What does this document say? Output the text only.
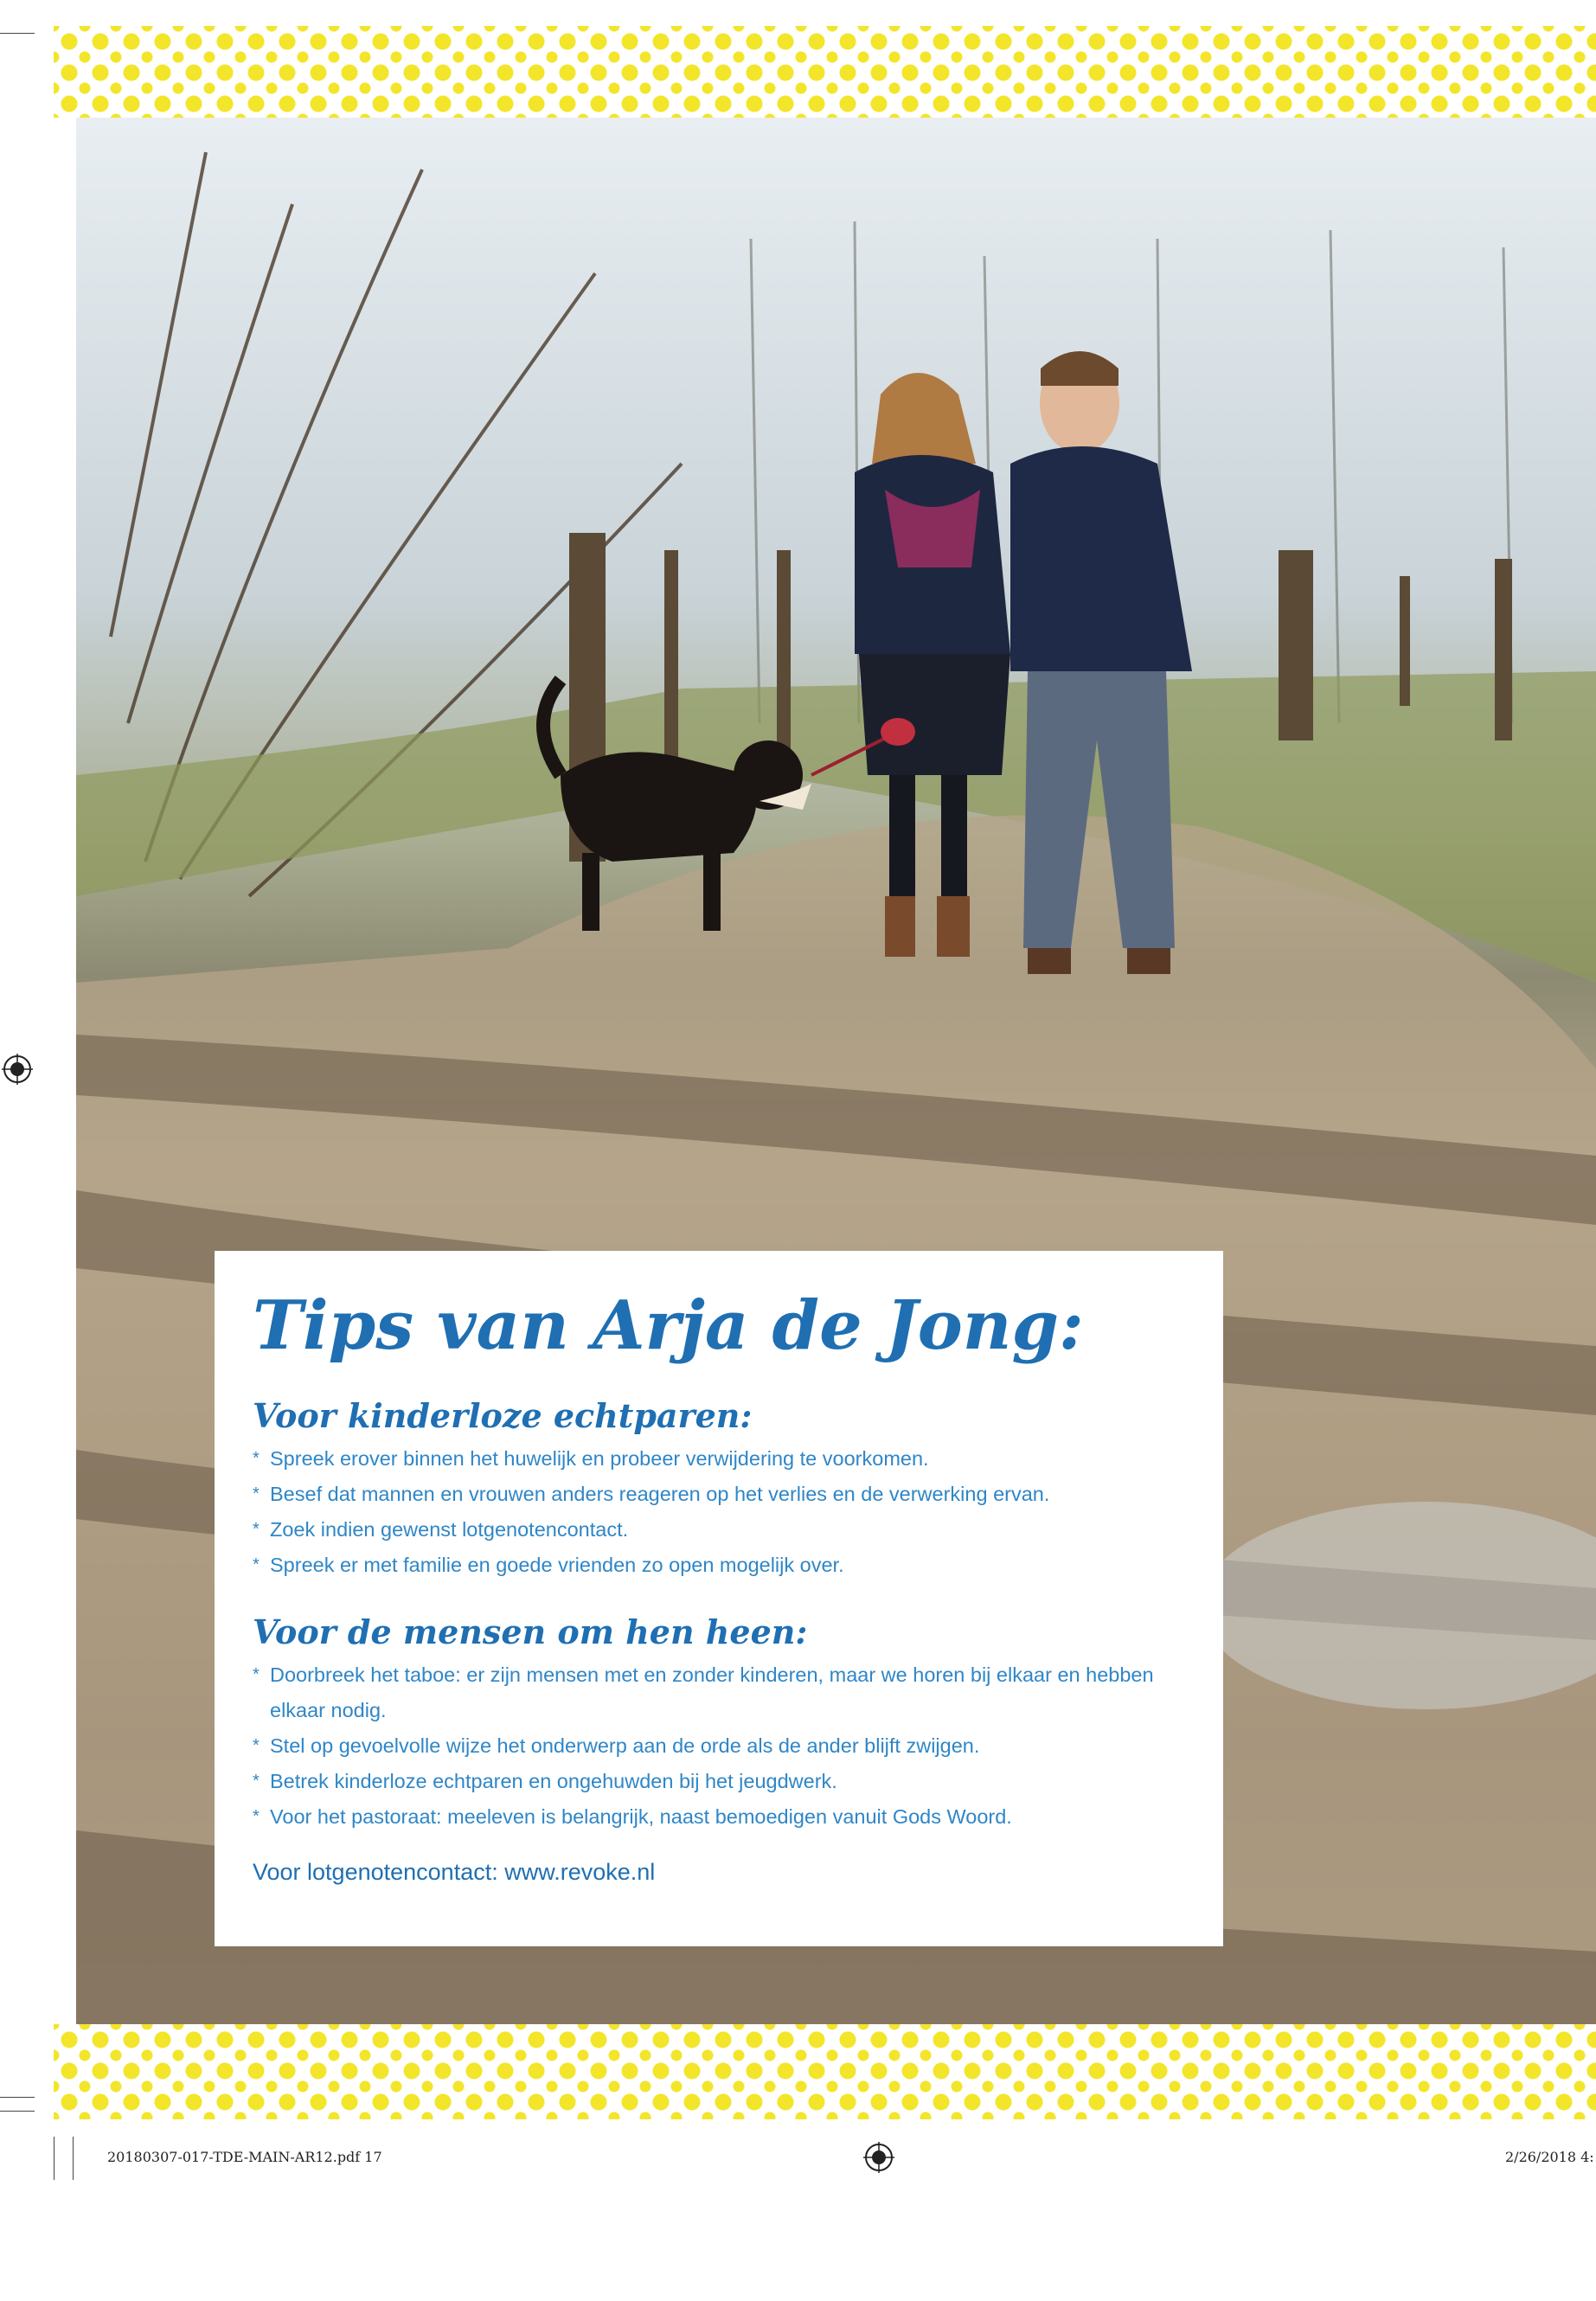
Tips van Arja de Jong:
Voor kinderloze echtparen:
* Spreek erover binnen het huwelijk en probeer verwijdering te voorkomen.
* Besef dat mannen en vrouwen anders reageren op het verlies en de verwerking ervan.
* Zoek indien gewenst lotgenotencontact.
* Spreek er met familie en goede vrienden zo open mogelijk over.
Voor de mensen om hen heen:
* Doorbreek het taboe: er zijn mensen met en zonder kinderen, maar we horen bij elkaar en hebben elkaar nodig.
* Stel op gevoelvolle wijze het onderwerp aan de orde als de ander blijft zwijgen.
* Betrek kinderloze echtparen en ongehuwden bij het jeugdwerk.
* Voor het pastoraat: meeleven is belangrijk, naast bemoedigen vanuit Gods Woord.
Voor lotgenotencontact: www.revoke.nl
20180307-017-TDE-MAIN-AR12.pdf 17	2/26/2018 4:
